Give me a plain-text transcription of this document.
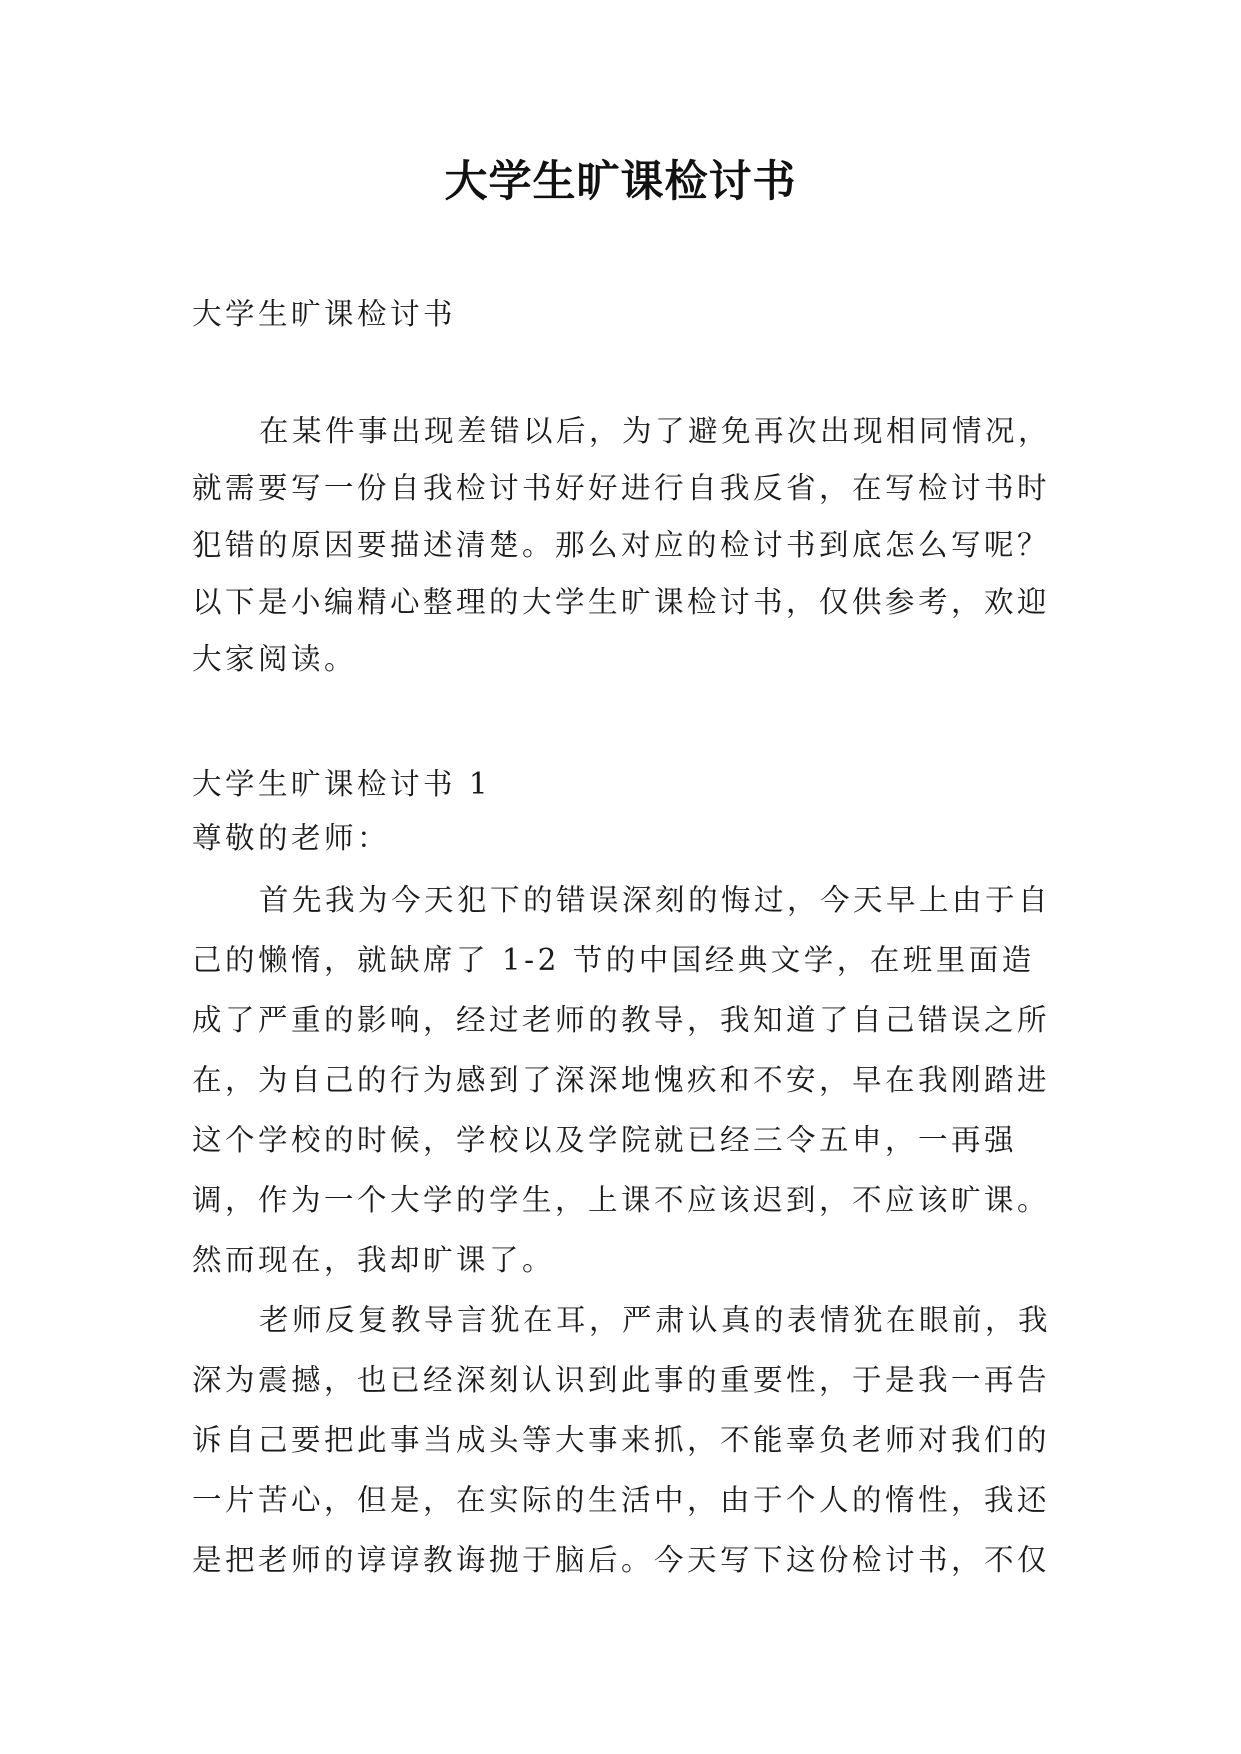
大学生旷课检讨书

大学生旷课检讨书

在某件事出现差错以后，为了避免再次出现相同情况，就需要写一份自我检讨书好好进行自我反省，在写检讨书时犯错的原因要描述清楚。那么对应的检讨书到底怎么写呢？以下是小编精心整理的大学生旷课检讨书，仅供参考，欢迎大家阅读。

大学生旷课检讨书 1

尊敬的老师：

首先我为今天犯下的错误深刻的悔过，今天早上由于自己的懒惰，就缺席了 1-2 节的中国经典文学，在班里面造成了严重的影响，经过老师的教导，我知道了自己错误之所在，为自己的行为感到了深深地愧疚和不安，早在我刚踏进这个学校的时候，学校以及学院就已经三令五申，一再强调，作为一个大学的学生，上课不应该迟到，不应该旷课。然而现在，我却旷课了。

老师反复教导言犹在耳，严肃认真的表情犹在眼前，我深为震撼，也已经深刻认识到此事的重要性，于是我一再告诉自己要把此事当成头等大事来抓，不能辜负老师对我们的一片苦心，但是，在实际的生活中，由于个人的惰性，我还是把老师的谆谆教诲抛于脑后。今天写下这份检讨书，不仅
